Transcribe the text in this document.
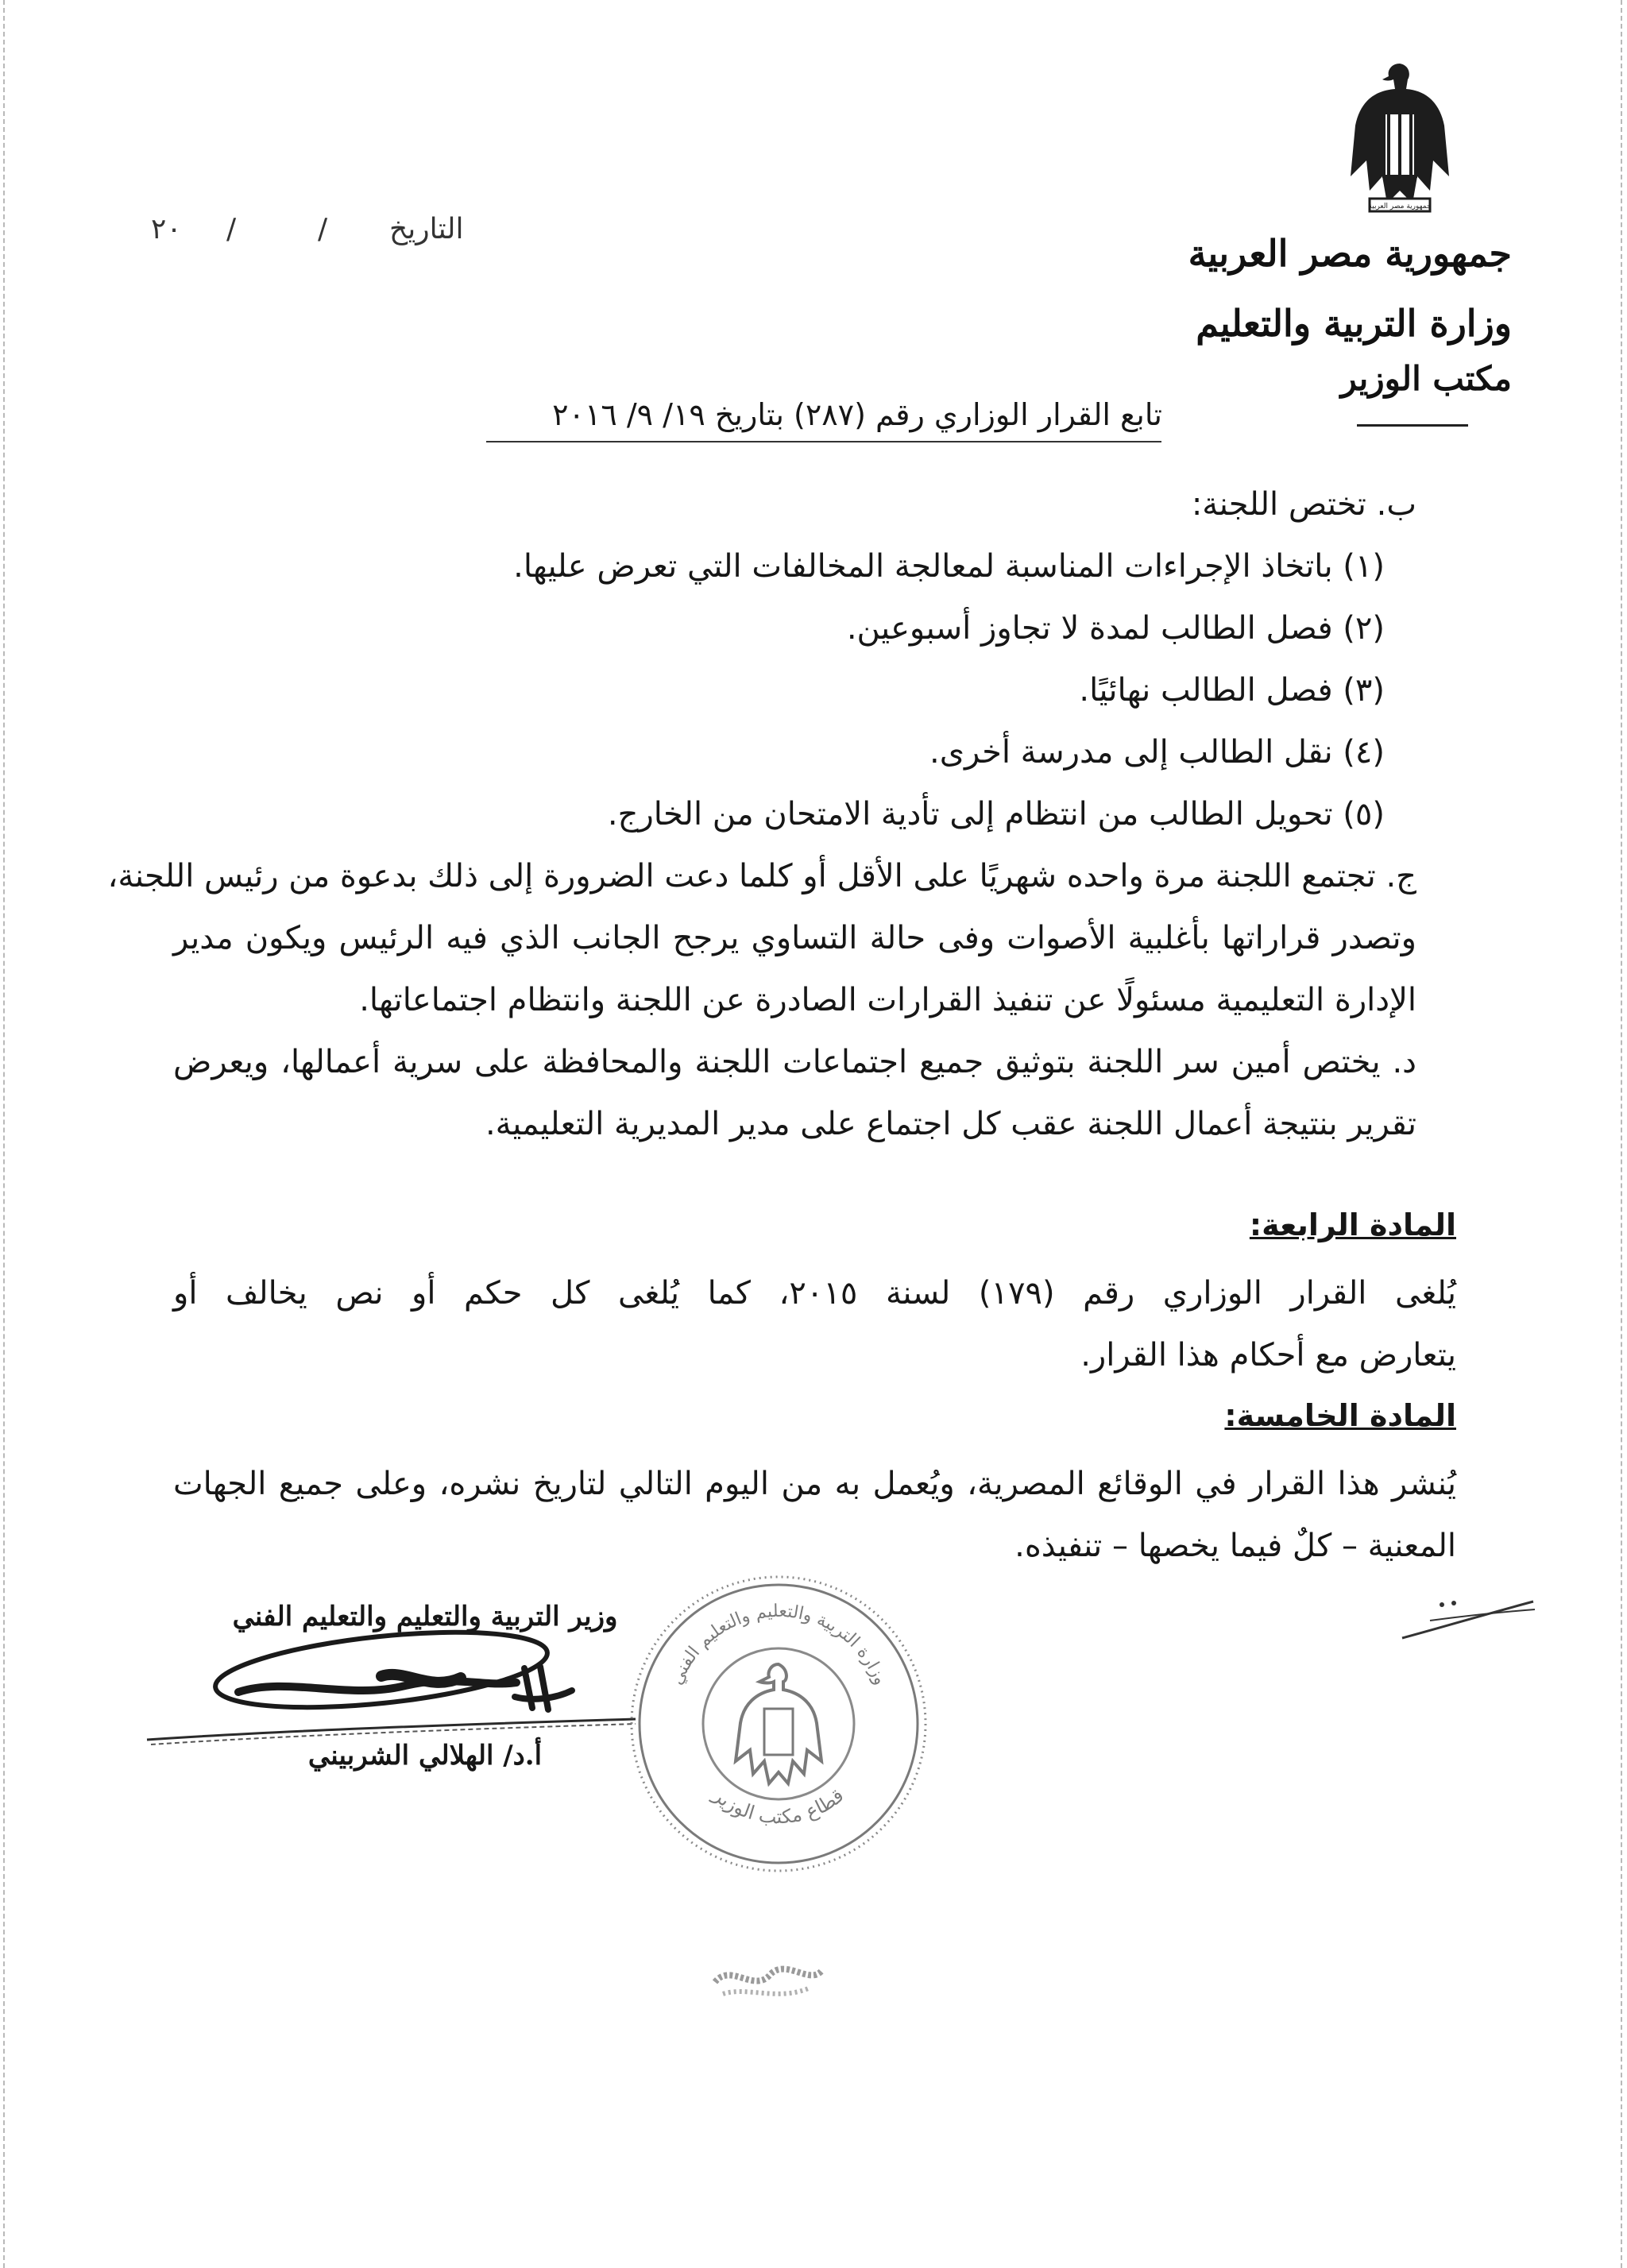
جمهورية مصر العربية
جمهورية مصر العربية
وزارة التربية والتعليم
مكتب الوزير
٢٠ /	/ التاريخ
تابع القرار الوزاري رقم (٢٨٧) بتاريخ ١٩/ ٩/ ٢٠١٦
ب. تختص اللجنة:
(١) باتخاذ الإجراءات المناسبة لمعالجة المخالفات التي تعرض عليها.
(٢) فصل الطالب لمدة لا تجاوز أسبوعين.
(٣) فصل الطالب نهائيًا.
(٤) نقل الطالب إلى مدرسة أخرى.
(٥) تحويل الطالب من انتظام إلى تأدية الامتحان من الخارج.
ج. تجتمع اللجنة مرة واحده شهريًا على الأقل أو كلما دعت الضرورة إلى ذلك بدعوة من رئيس اللجنة،
وتصدر قراراتها بأغلبية الأصوات وفى حالة التساوي يرجح الجانب الذي فيه الرئيس ويكون مدير
الإدارة التعليمية مسئولًا عن تنفيذ القرارات الصادرة عن اللجنة وانتظام اجتماعاتها.
د. يختص أمين سر اللجنة بتوثيق جميع اجتماعات اللجنة والمحافظة على سرية أعمالها، ويعرض
تقرير بنتيجة أعمال اللجنة عقب كل اجتماع على مدير المديرية التعليمية.
المادة الرابعة:
يُلغى القرار الوزاري رقم (١٧٩) لسنة ٢٠١٥، كما يُلغى كل حكم أو نص يخالف أو
يتعارض مع أحكام هذا القرار.
المادة الخامسة:
يُنشر هذا القرار في الوقائع المصرية، ويُعمل به من اليوم التالي لتاريخ نشره، وعلى جميع الجهات
المعنية – كلٌ فيما يخصها – تنفيذه.
وزير التربية والتعليم والتعليم الفني
أ.د/ الهلالي الشربيني
وزارة التربية والتعليم والتعليم الفني
قطاع مكتب الوزير
